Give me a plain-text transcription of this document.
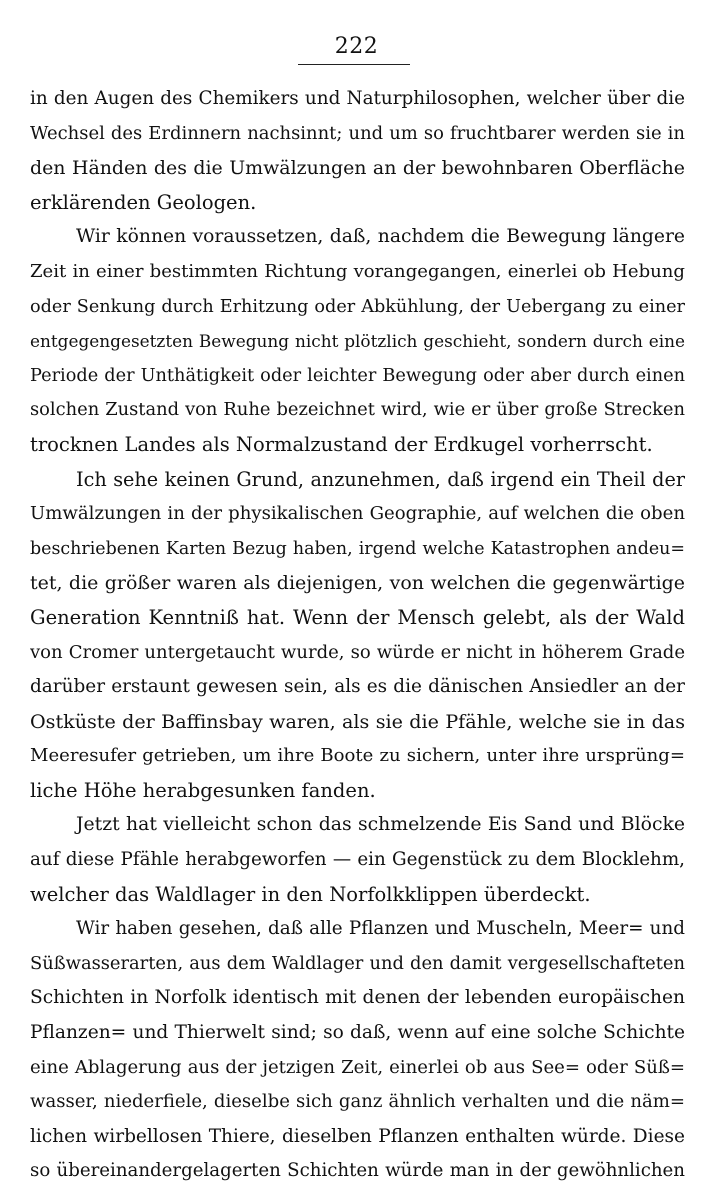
222
in den Augen des Chemikers und Naturphilosophen, welcher über die
Wechsel des Erdinnern nachsinnt; und um so fruchtbarer werden sie in
den Händen des die Umwälzungen an der bewohnbaren Oberfläche
erklärenden Geologen.
Wir können voraussetzen, daß, nachdem die Bewegung längere
Zeit in einer bestimmten Richtung vorangegangen, einerlei ob Hebung
oder Senkung durch Erhitzung oder Abkühlung, der Uebergang zu einer
entgegengesetzten Bewegung nicht plötzlich geschieht, sondern durch eine
Periode der Unthätigkeit oder leichter Bewegung oder aber durch einen
solchen Zustand von Ruhe bezeichnet wird, wie er über große Strecken
trocknen Landes als Normalzustand der Erdkugel vorherrscht.
Ich sehe keinen Grund, anzunehmen, daß irgend ein Theil der
Umwälzungen in der physikalischen Geographie, auf welchen die oben
beschriebenen Karten Bezug haben, irgend welche Katastrophen andeu=
tet, die größer waren als diejenigen, von welchen die gegenwärtige
Generation Kenntniß hat. Wenn der Mensch gelebt, als der Wald
von Cromer untergetaucht wurde, so würde er nicht in höherem Grade
darüber erstaunt gewesen sein, als es die dänischen Ansiedler an der
Ostküste der Baffinsbay waren, als sie die Pfähle, welche sie in das
Meeresufer getrieben, um ihre Boote zu sichern, unter ihre ursprüng=
liche Höhe herabgesunken fanden.
Jetzt hat vielleicht schon das schmelzende Eis Sand und Blöcke
auf diese Pfähle herabgeworfen — ein Gegenstück zu dem Blocklehm,
welcher das Waldlager in den Norfolkklippen überdeckt.
Wir haben gesehen, daß alle Pflanzen und Muscheln, Meer= und
Süßwasserarten, aus dem Waldlager und den damit vergesellschafteten
Schichten in Norfolk identisch mit denen der lebenden europäischen
Pflanzen= und Thierwelt sind; so daß, wenn auf eine solche Schichte
eine Ablagerung aus der jetzigen Zeit, einerlei ob aus See= oder Süß=
wasser, niederfiele, dieselbe sich ganz ähnlich verhalten und die näm=
lichen wirbellosen Thiere, dieselben Pflanzen enthalten würde. Diese
so übereinandergelagerten Schichten würde man in der gewöhnlichen
